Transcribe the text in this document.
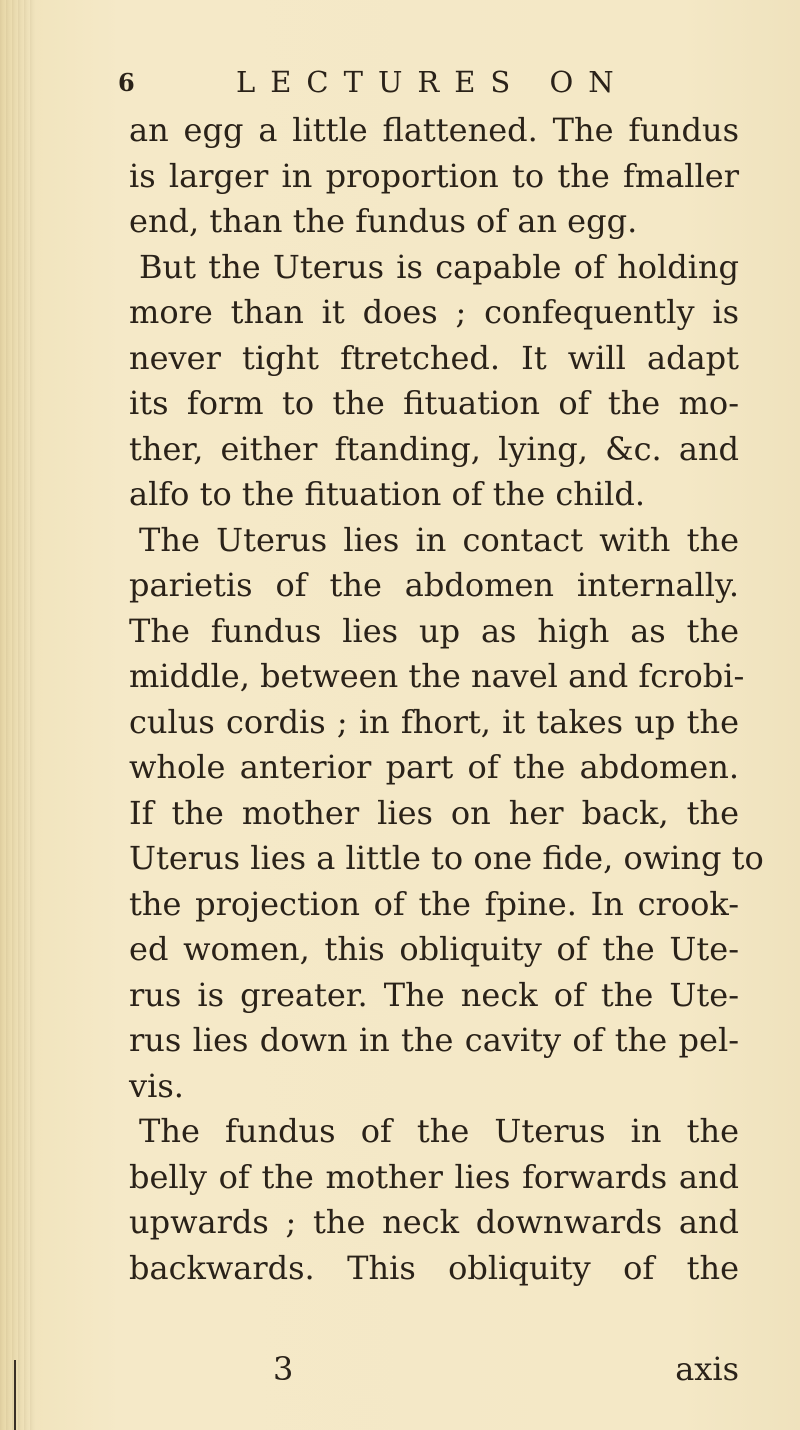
6	LECTURES ON
an egg a little flattened. The fundus
is larger in proportion to the fmaller
end, than the fundus of an egg.
But the Uterus is capable of holding
more than it does ; confequently is
never tight ftretched. It will adapt
its form to the fituation of the mo-
ther, either ftanding, lying, &c. and
alfo to the fituation of the child.
The Uterus lies in contact with the
parietis of the abdomen internally.
The fundus lies up as high as the
middle, between the navel and fcrobi-
culus cordis ; in fhort, it takes up the
whole anterior part of the abdomen.
If the mother lies on her back, the
Uterus lies a little to one fide, owing to
the projection of the fpine. In crook-
ed women, this obliquity of the Ute-
rus is greater. The neck of the Ute-
rus lies down in the cavity of the pel-
vis.
The fundus of the Uterus in the
belly of the mother lies forwards and
upwards ; the neck downwards and
backwards. This obliquity of the
3	axis
